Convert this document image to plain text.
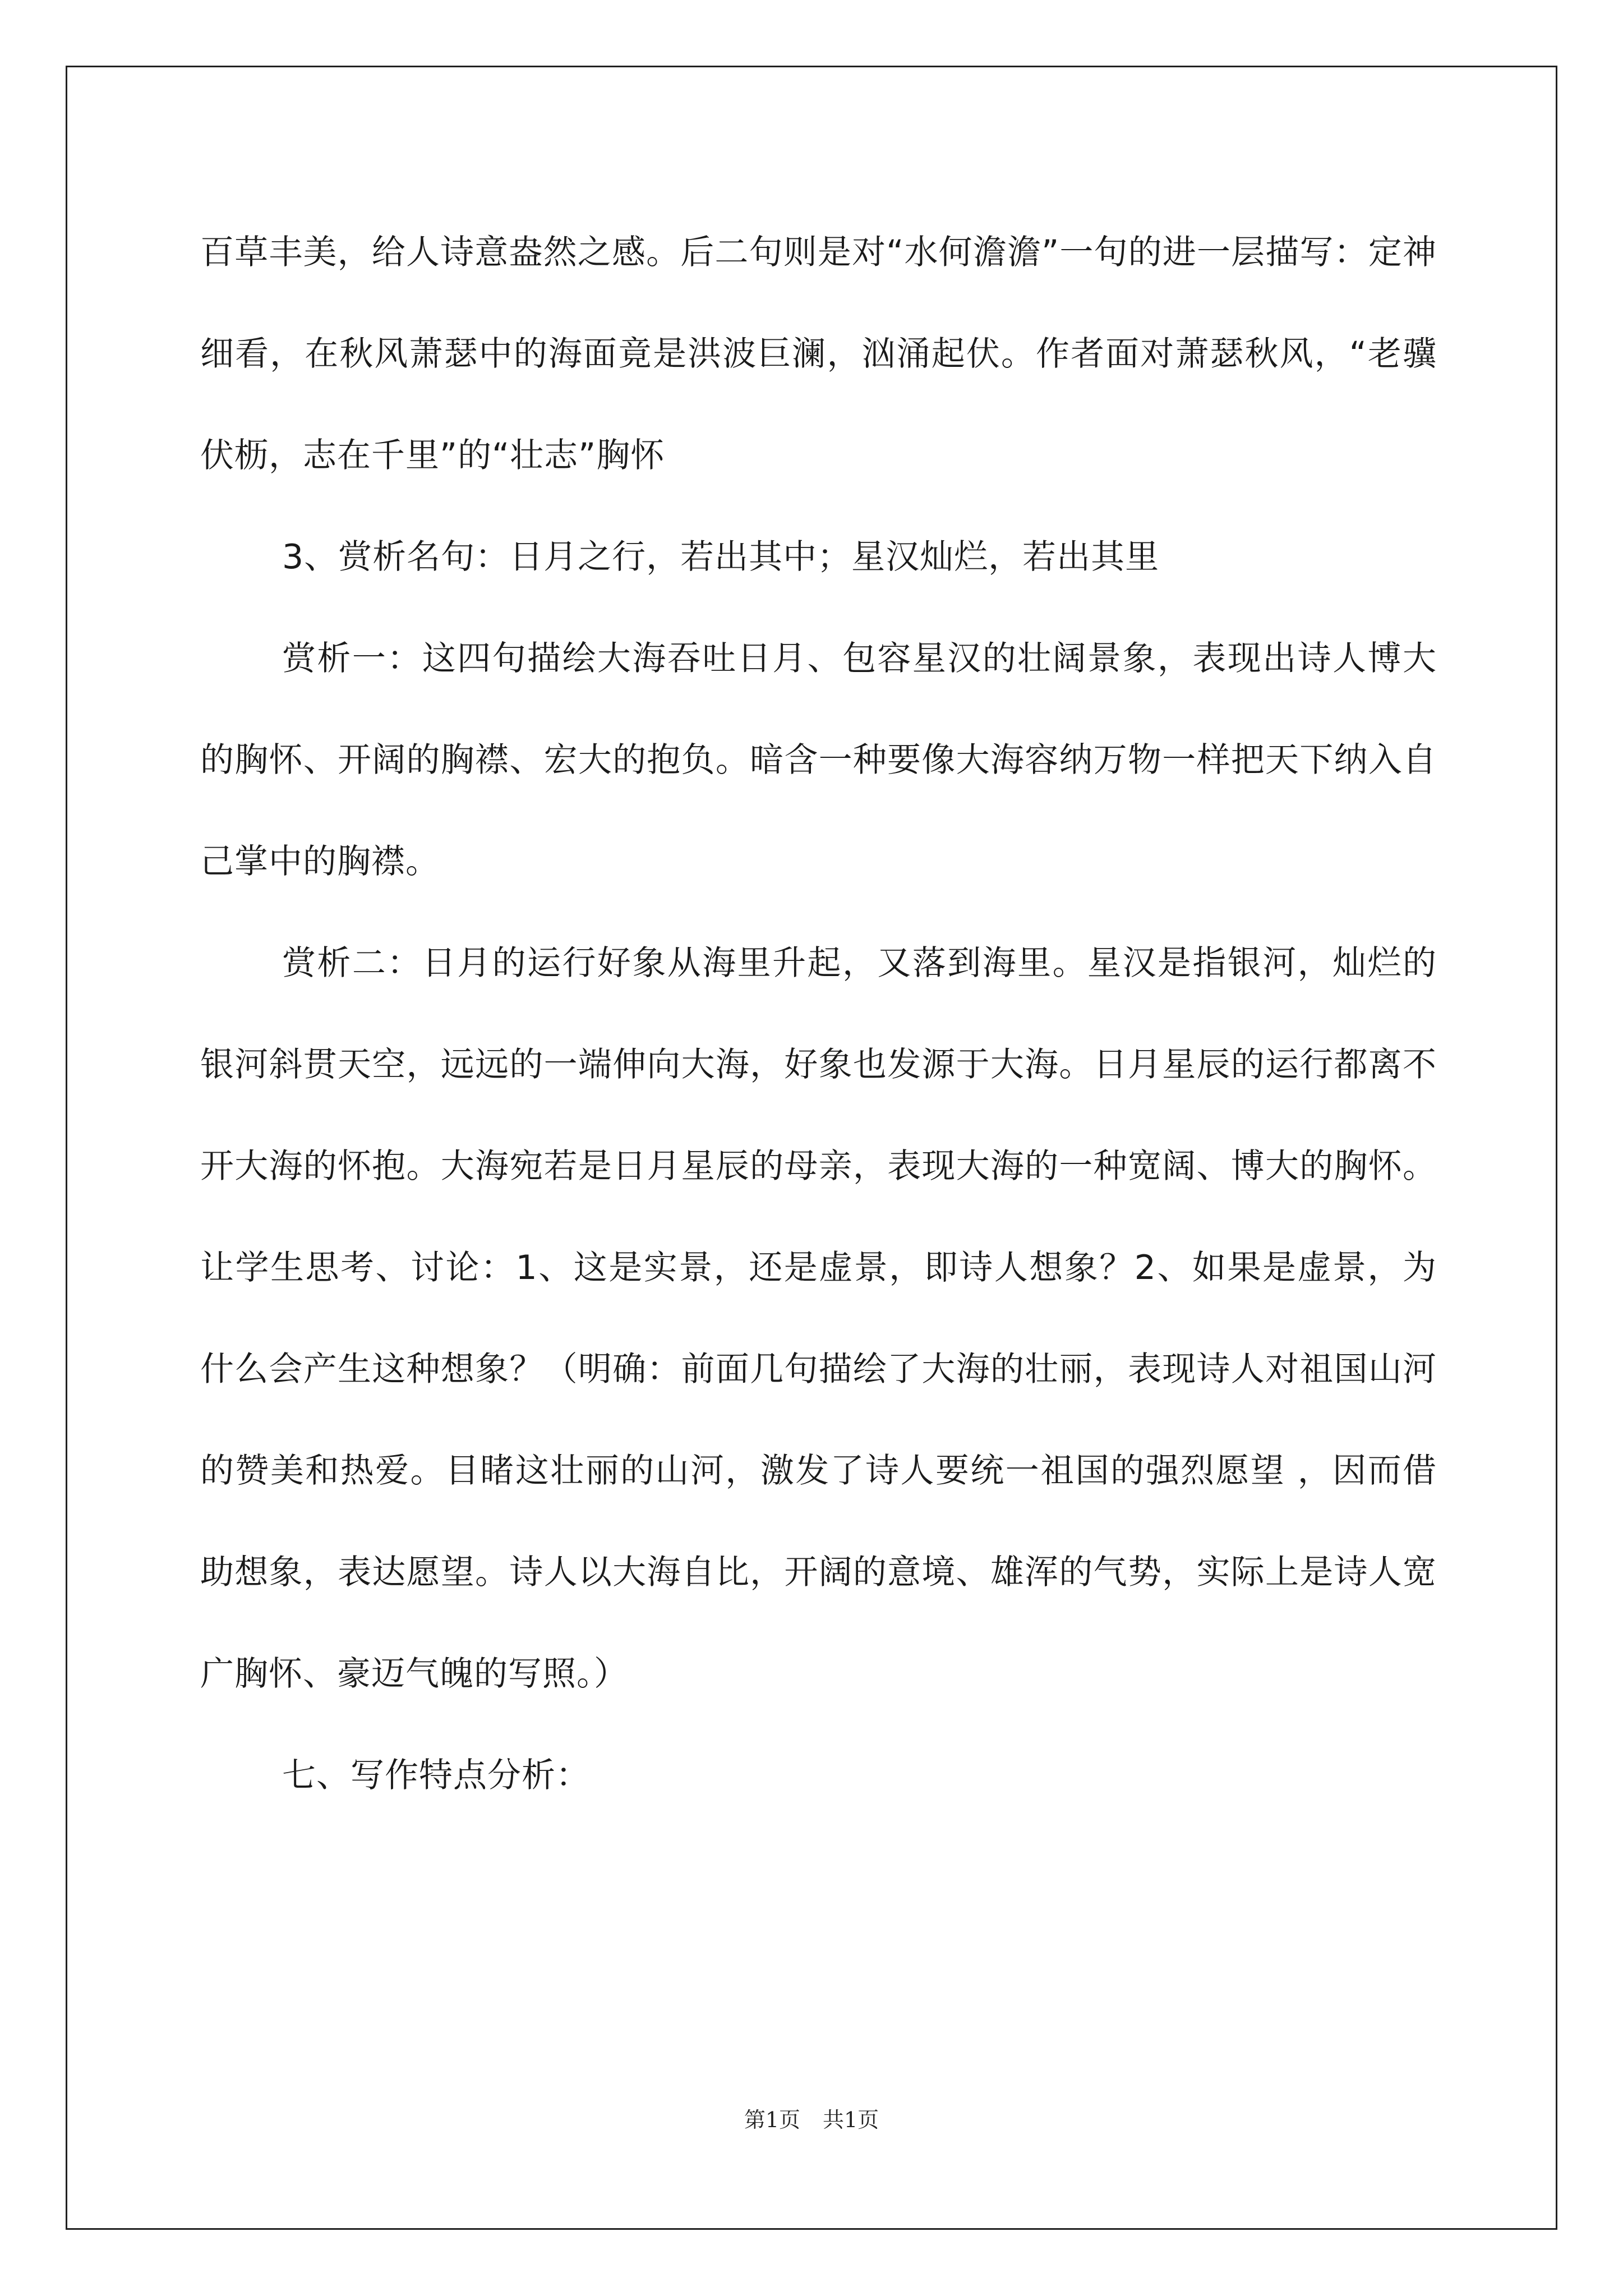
百草丰美，给人诗意盎然之感。后二句则是对“水何澹澹”一句的进一层描写：定神细看，在秋风萧瑟中的海面竟是洪波巨澜，汹涌起伏。作者面对萧瑟秋风，“老骥伏枥，志在千里”的“壮志”胸怀

3、赏析名句：日月之行，若出其中；星汉灿烂，若出其里

赏析一：这四句描绘大海吞吐日月、包容星汉的壮阔景象，表现出诗人博大的胸怀、开阔的胸襟、宏大的抱负。暗含一种要像大海容纳万物一样把天下纳入自己掌中的胸襟。

赏析二：日月的运行好象从海里升起，又落到海里。星汉是指银河，灿烂的银河斜贯天空，远远的一端伸向大海，好象也发源于大海。日月星辰的运行都离不开大海的怀抱。大海宛若是日月星辰的母亲，表现大海的一种宽阔、博大的胸怀。让学生思考、讨论：1、这是实景，还是虚景，即诗人想象？2、如果是虚景，为什么会产生这种想象？（明确：前面几句描绘了大海的壮丽，表现诗人对祖国山河的赞美和热爱。目睹这壮丽的山河，激发了诗人要统一祖国的强烈愿望 ，因而借助想象，表达愿望。诗人以大海自比，开阔的意境、雄浑的气势，实际上是诗人宽广胸怀、豪迈气魄的写照。）

七、写作特点分析：

第1页 共1页
